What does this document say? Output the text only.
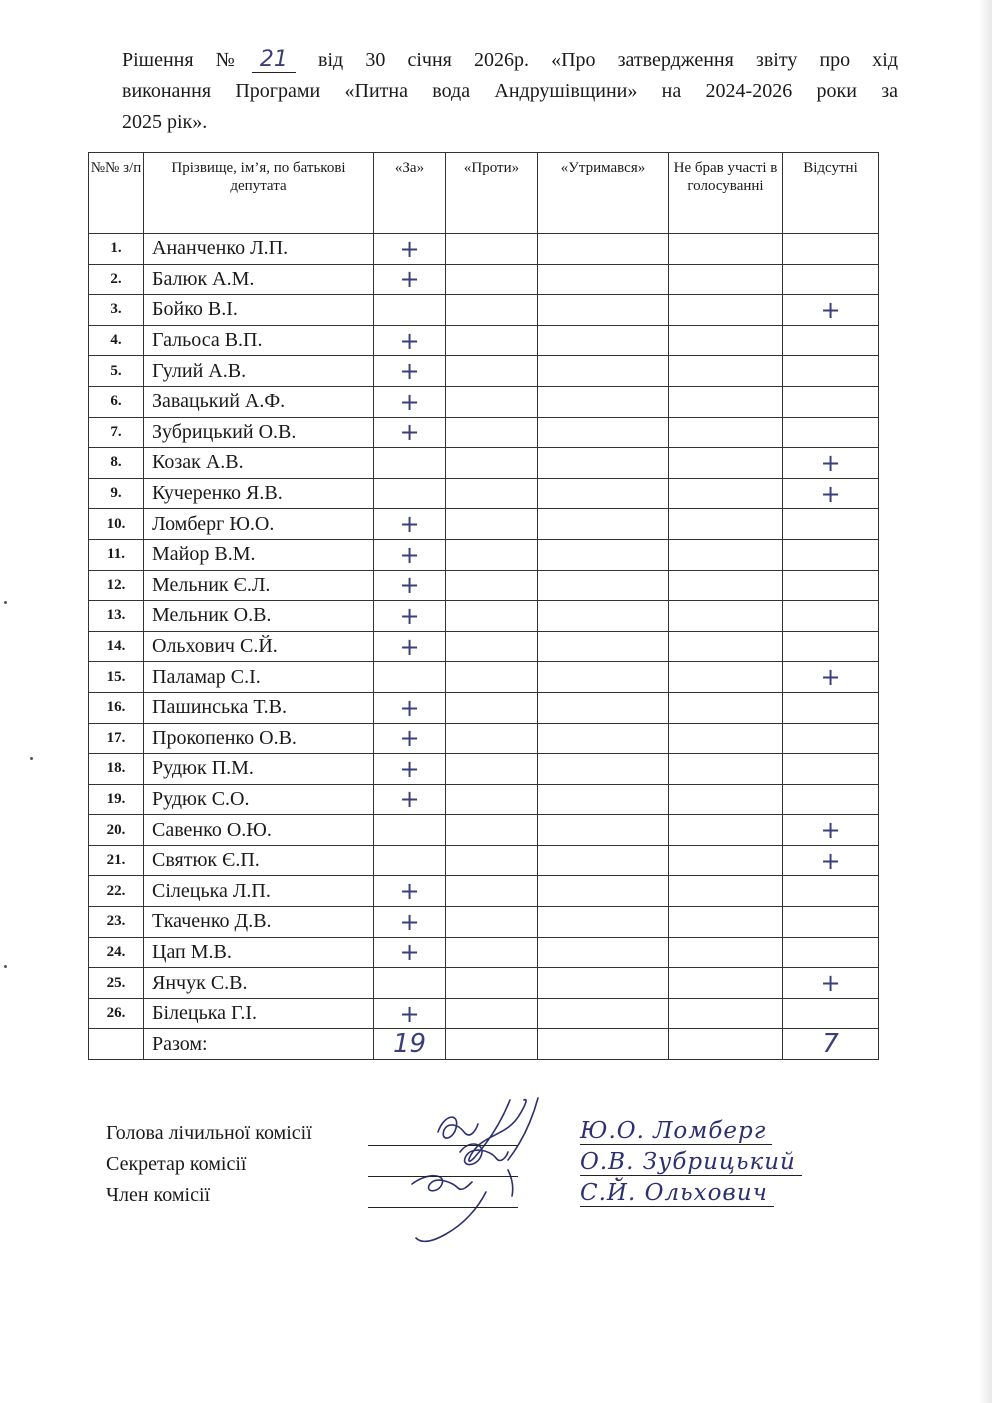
Рішення № 21 від 30 січня 2026р. «Про затвердження звіту про хід
виконання Програми «Питна вода Андрушівщини» на 2024-2026 роки за
2025 рік».
№№ з/п	Прізвище, ім’я, по батькові депутата	«За»	«Проти»	«Утримався»	Не брав участі в голосуванні	Відсутні
1.	Ананченко Л.П.	+				
2.	Балюк А.М.	+				
3.	Бойко В.І.					+
4.	Гальоса В.П.	+				
5.	Гулий А.В.	+				
6.	Завацький А.Ф.	+				
7.	Зубрицький О.В.	+				
8.	Козак А.В.					+
9.	Кучеренко Я.В.					+
10.	Ломберг Ю.О.	+				
11.	Майор В.М.	+				
12.	Мельник Є.Л.	+				
13.	Мельник О.В.	+				
14.	Ольхович С.Й.	+				
15.	Паламар С.І.					+
16.	Пашинська Т.В.	+				
17.	Прокопенко О.В.	+				
18.	Рудюк П.М.	+				
19.	Рудюк С.О.	+				
20.	Савенко О.Ю.					+
21.	Святюк Є.П.					+
22.	Сілецька Л.П.	+				
23.	Ткаченко Д.В.	+				
24.	Цап М.В.	+				
25.	Янчук С.В.					+
26.	Білецька Г.І.	+				
	Разом:	19				7
Голова лічильної комісії	Ю.О. Ломберг
Секретар комісії	О.В. Зубрицький
Член комісії	С.Й. Ольхович
